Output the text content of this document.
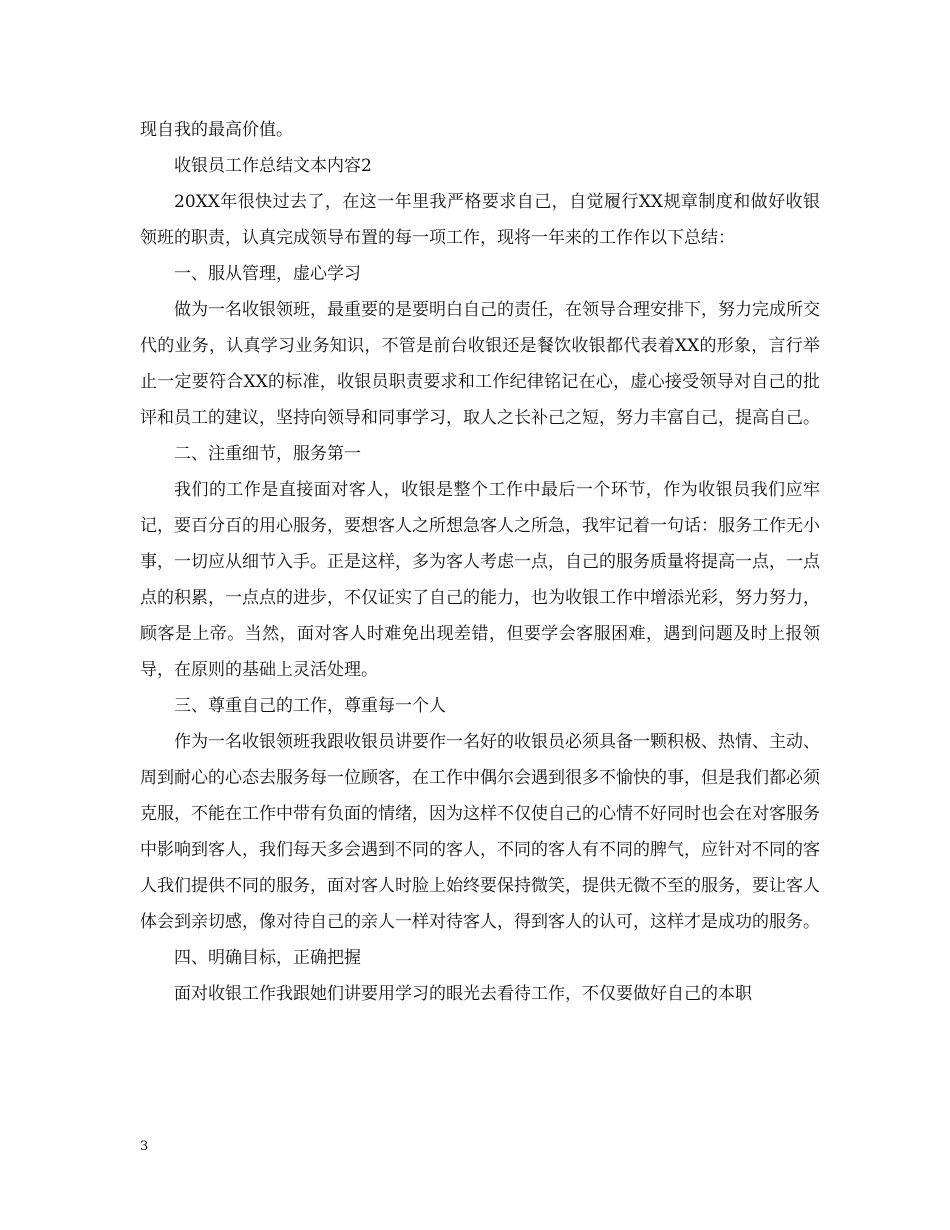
现自我的最高价值。

收银员工作总结文本内容2

20XX年很快过去了，在这一年里我严格要求自己，自觉履行XX规章制度和做好收银领班的职责，认真完成领导布置的每一项工作，现将一年来的工作作以下总结：

一、服从管理，虚心学习

做为一名收银领班，最重要的是要明白自己的责任，在领导合理安排下，努力完成所交代的业务，认真学习业务知识，不管是前台收银还是餐饮收银都代表着XX的形象，言行举止一定要符合XX的标准，收银员职责要求和工作纪律铭记在心，虚心接受领导对自己的批评和员工的建议，坚持向领导和同事学习，取人之长补己之短，努力丰富自己，提高自己。

二、注重细节，服务第一

我们的工作是直接面对客人，收银是整个工作中最后一个环节，作为收银员我们应牢记，要百分百的用心服务，要想客人之所想急客人之所急，我牢记着一句话：服务工作无小事，一切应从细节入手。正是这样，多为客人考虑一点，自己的服务质量将提高一点，一点点的积累，一点点的进步，不仅证实了自己的能力，也为收银工作中增添光彩，努力努力，顾客是上帝。当然，面对客人时难免出现差错，但要学会客服困难，遇到问题及时上报领导，在原则的基础上灵活处理。

三、尊重自己的工作，尊重每一个人

作为一名收银领班我跟收银员讲要作一名好的收银员必须具备一颗积极、热情、主动、周到耐心的心态去服务每一位顾客，在工作中偶尔会遇到很多不愉快的事，但是我们都必须克服，不能在工作中带有负面的情绪，因为这样不仅使自己的心情不好同时也会在对客服务中影响到客人，我们每天多会遇到不同的客人，不同的客人有不同的脾气，应针对不同的客人我们提供不同的服务，面对客人时脸上始终要保持微笑，提供无微不至的服务，要让客人体会到亲切感，像对待自己的亲人一样对待客人，得到客人的认可，这样才是成功的服务。

四、明确目标，正确把握

面对收银工作我跟她们讲要用学习的眼光去看待工作，不仅要做好自己的本职

3
